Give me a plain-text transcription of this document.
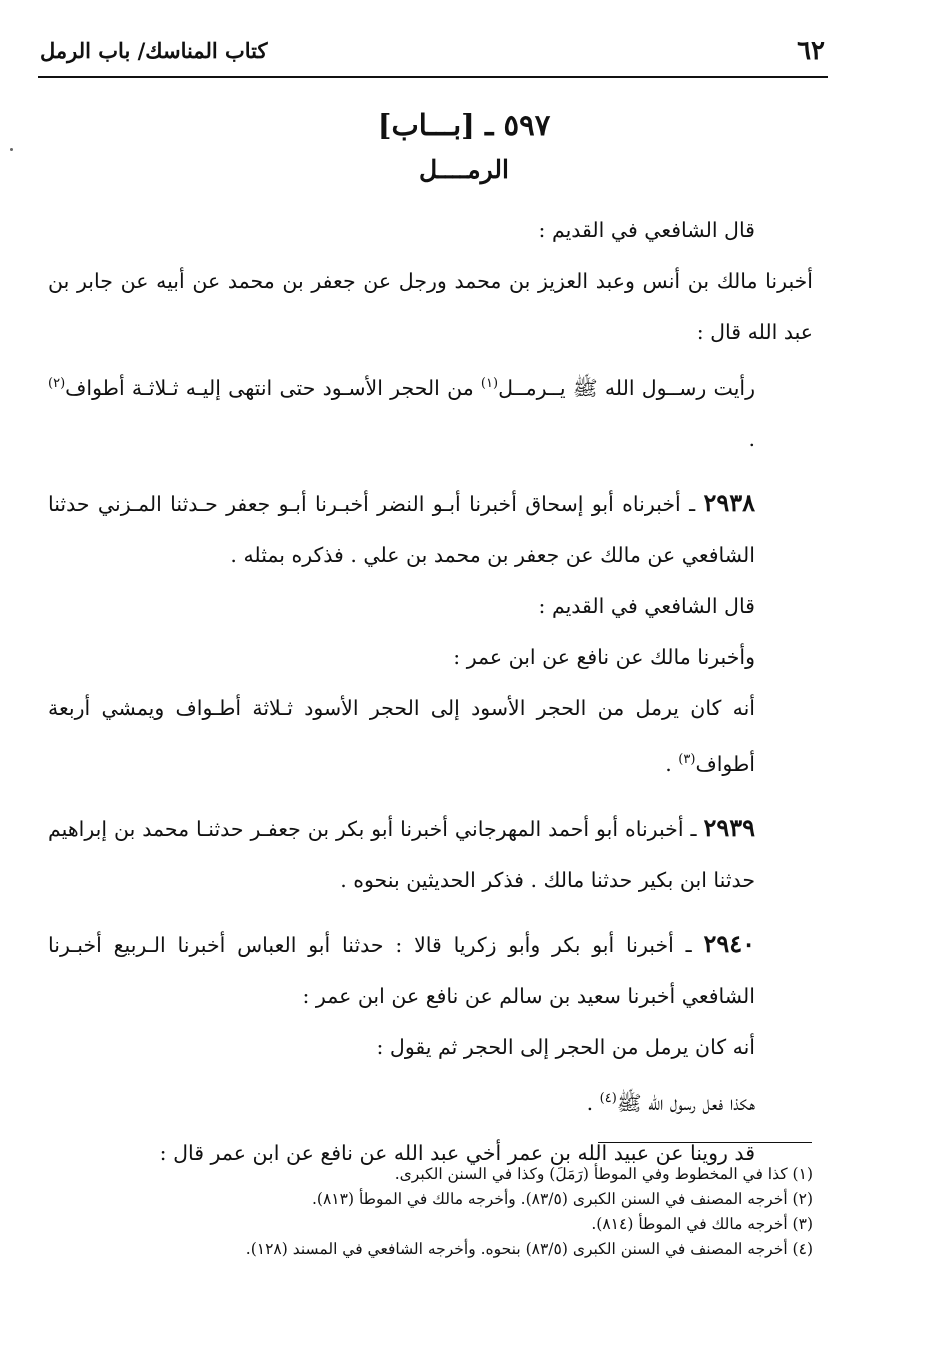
٦٢
كتاب المناسك/ باب الرمل
٥٩٧ ـ [بـــاب]
الرمــــل

قال الشافعي في القديم :

أخبرنا مالك بن أنس وعبد العزيز بن محمد ورجل عن جعفر بن محمد عن أبيه عن جابر بن عبد الله قال :

رأيت رســول الله ﷺ يــرمــل$^{(١)}$ من الحجر الأسـود حتى انتهى إليـه ثـلاثـة أطواف$^{(٢)}$ .

٢٩٣٨ ـ أخبرناه أبو إسحاق أخبرنا أبـو النضر أخبـرنا أبـو جعفر حـدثنا المـزني حدثنا الشافعي عن مالك عن جعفر بن محمد بن علي . فذكره بمثله .

قال الشافعي في القديم :

وأخبرنا مالك عن نافع عن ابن عمر :

أنه كان يرمل من الحجر الأسود إلى الحجر الأسود ثـلاثة أطـواف ويمشي أربعة أطواف$^{(٣)}$ .

٢٩٣٩ ـ أخبرناه أبو أحمد المهرجاني أخبرنا أبو بكر بن جعفـر حدثنـا محمد بن إبراهيم حدثنا ابن بكير حدثنا مالك . فذكر الحديثين بنحوه .

٢٩٤٠ ـ أخبرنا أبو بكر وأبو زكريا قالا : حدثنا أبو العباس أخبرنا الـربيع أخبـرنا الشافعي أخبرنا سعيد بن سالم عن نافع عن ابن عمر :

أنه كان يرمل من الحجر إلى الحجر ثم يقول :

هكذا فعل رسول الله ﷺ$^{(٤)}$ .

قد روينا عن عبيد الله بن عمر أخي عبد الله عن نافع عن ابن عمر قال :

(١) كذا في المخطوط وفي الموطأ (رَمَلَ) وكذا في السنن الكبرى.

(٢) أخرجه المصنف في السنن الكبرى (٨٣/٥). وأخرجه مالك في الموطأ (٨١٣).

(٣) أخرجه مالك في الموطأ (٨١٤).

(٤) أخرجه المصنف في السنن الكبرى (٨٣/٥) بنحوه. وأخرجه الشافعي في المسند (١٢٨).
